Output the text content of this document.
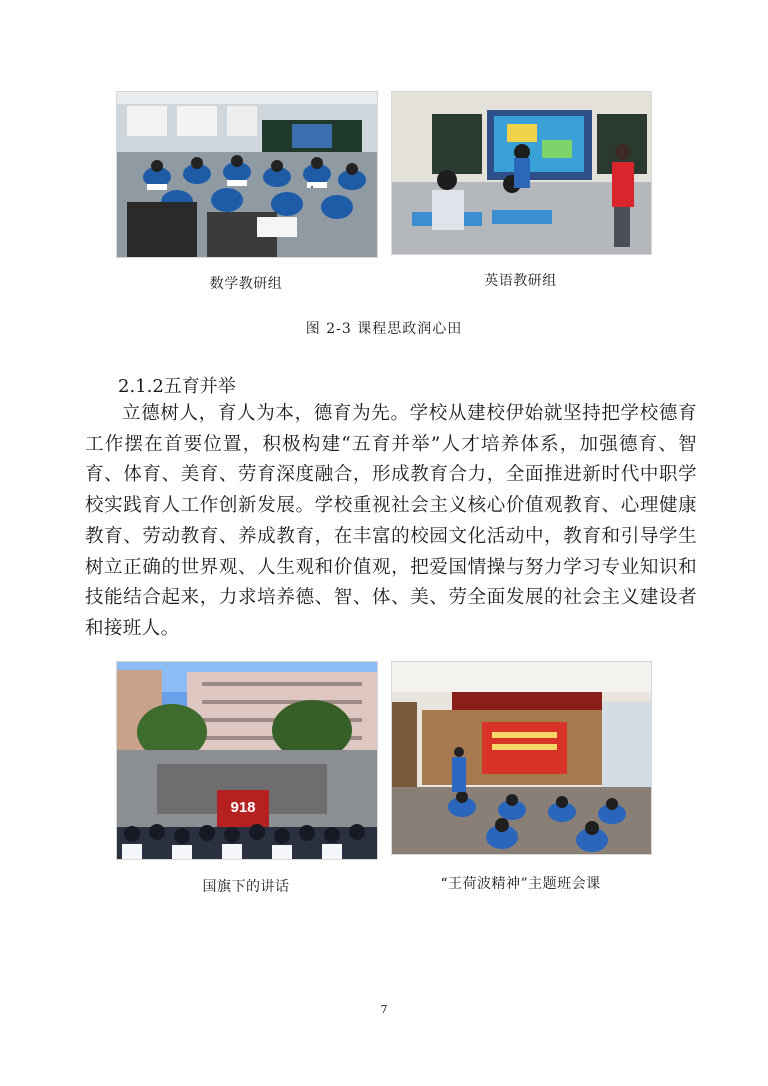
数学教研组	英语教研组
图 2-3 课程思政润心田
2.1.2五育并举

立德树人，育人为本，德育为先。学校从建校伊始就坚持把学校德育工作摆在首要位置，积极构建“五育并举”人才培养体系，加强德育、智育、体育、美育、劳育深度融合，形成教育合力，全面推进新时代中职学校实践育人工作创新发展。学校重视社会主义核心价值观教育、心理健康教育、劳动教育、养成教育，在丰富的校园文化活动中，教育和引导学生树立正确的世界观、人生观和价值观，把爱国情操与努力学习专业知识和技能结合起来，力求培养德、智、体、美、劳全面发展的社会主义建设者和接班人。

918
国旗下的讲话	“王荷波精神”主题班会课
7
